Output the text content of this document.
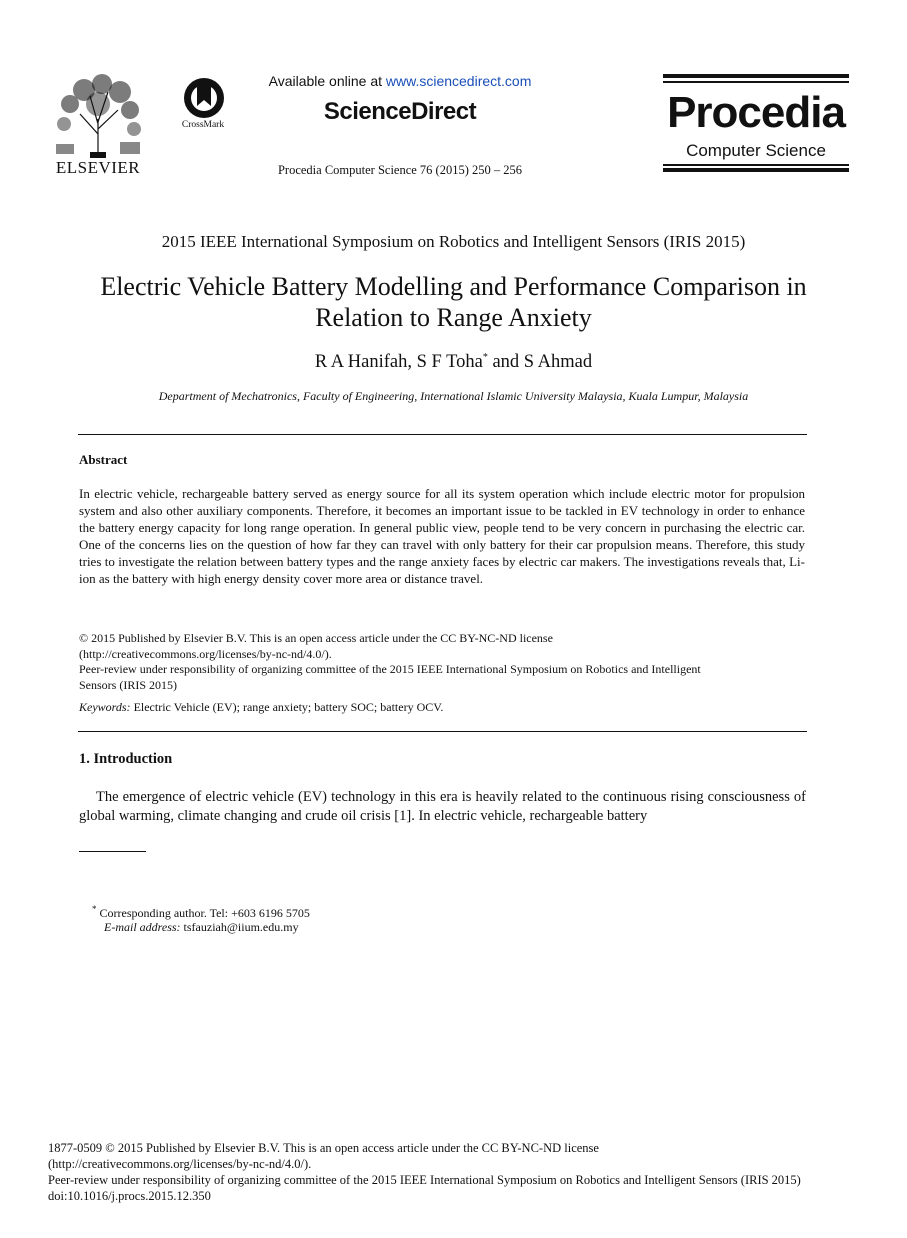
ELSEVIER
CrossMark
Available online at www.sciencedirect.com
ScienceDirect
Procedia Computer Science 76 (2015) 250 – 256
Procedia
Computer Science
2015 IEEE International Symposium on Robotics and Intelligent Sensors (IRIS 2015)
Electric Vehicle Battery Modelling and Performance Comparison in
Relation to Range Anxiety
R A Hanifah, S F Toha* and S Ahmad
Department of Mechatronics, Faculty of Engineering, International Islamic University Malaysia, Kuala Lumpur, Malaysia
Abstract
In electric vehicle, rechargeable battery served as energy source for all its system operation which include electric motor for propulsion system and also other auxiliary components. Therefore, it becomes an important issue to be tackled in EV technology in order to enhance the battery energy capacity for long range operation. In general public view, people tend to be very concern in purchasing the electric car. One of the concerns lies on the question of how far they can travel with only battery for their car propulsion means. Therefore, this study tries to investigate the relation between battery types and the range anxiety faces by electric car makers. The investigations reveals that, Li-ion as the battery with high energy density cover more area or distance travel.
© 2015 Published by Elsevier B.V. This is an open access article under the CC BY-NC-ND license
(http://creativecommons.org/licenses/by-nc-nd/4.0/).
Peer-review under responsibility of organizing committee of the 2015 IEEE International Symposium on Robotics and Intelligent
Sensors (IRIS 2015)
Keywords: Electric Vehicle (EV); range anxiety; battery SOC; battery OCV.
1. Introduction
The emergence of electric vehicle (EV) technology in this era is heavily related to the continuous rising consciousness of global warming, climate changing and crude oil crisis [1]. In electric vehicle, rechargeable battery
* Corresponding author. Tel: +603 6196 5705
E-mail address: tsfauziah@iium.edu.my
1877-0509 © 2015 Published by Elsevier B.V. This is an open access article under the CC BY-NC-ND license
(http://creativecommons.org/licenses/by-nc-nd/4.0/).
Peer-review under responsibility of organizing committee of the 2015 IEEE International Symposium on Robotics and Intelligent Sensors (IRIS 2015)
doi:10.1016/j.procs.2015.12.350
